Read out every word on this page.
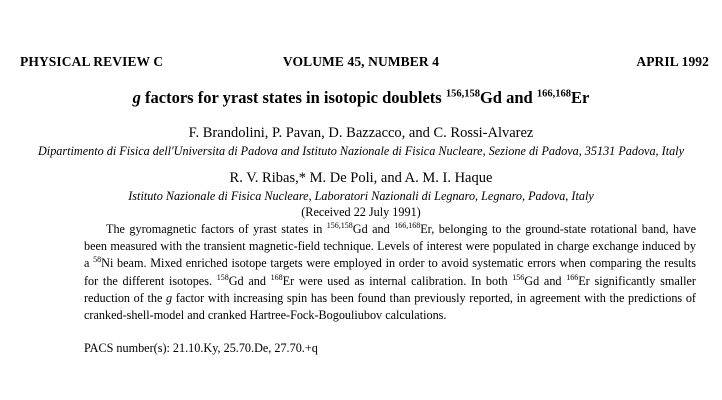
PHYSICAL REVIEW C	VOLUME 45, NUMBER 4	APRIL 1992
g factors for yrast states in isotopic doublets $^{156,158}$Gd and $^{166,168}$Er
F. Brandolini, P. Pavan, D. Bazzacco, and C. Rossi-Alvarez
Dipartimento di Fisica dell'Universita di Padova and Istituto Nazionale di Fisica Nucleare, Sezione di Padova, 35131 Padova, Italy
R. V. Ribas,* M. De Poli, and A. M. I. Haque
Istituto Nazionale di Fisica Nucleare, Laboratori Nazionali di Legnaro, Legnaro, Padova, Italy
(Received 22 July 1991)
The gyromagnetic factors of yrast states in $^{156,158}$Gd and $^{166,168}$Er, belonging to the ground-state rotational band, have been measured with the transient magnetic-field technique. Levels of interest were populated in charge exchange induced by a $^{58}$Ni beam. Mixed enriched isotope targets were employed in order to avoid systematic errors when comparing the results for the different isotopes. $^{158}$Gd and $^{168}$Er were used as internal calibration. In both $^{156}$Gd and $^{166}$Er significantly smaller reduction of the g factor with increasing spin has been found than previously reported, in agreement with the predictions of cranked-shell-model and cranked Hartree-Fock-Bogouliubov calculations.
PACS number(s): 21.10.Ky, 25.70.De, 27.70.+q
